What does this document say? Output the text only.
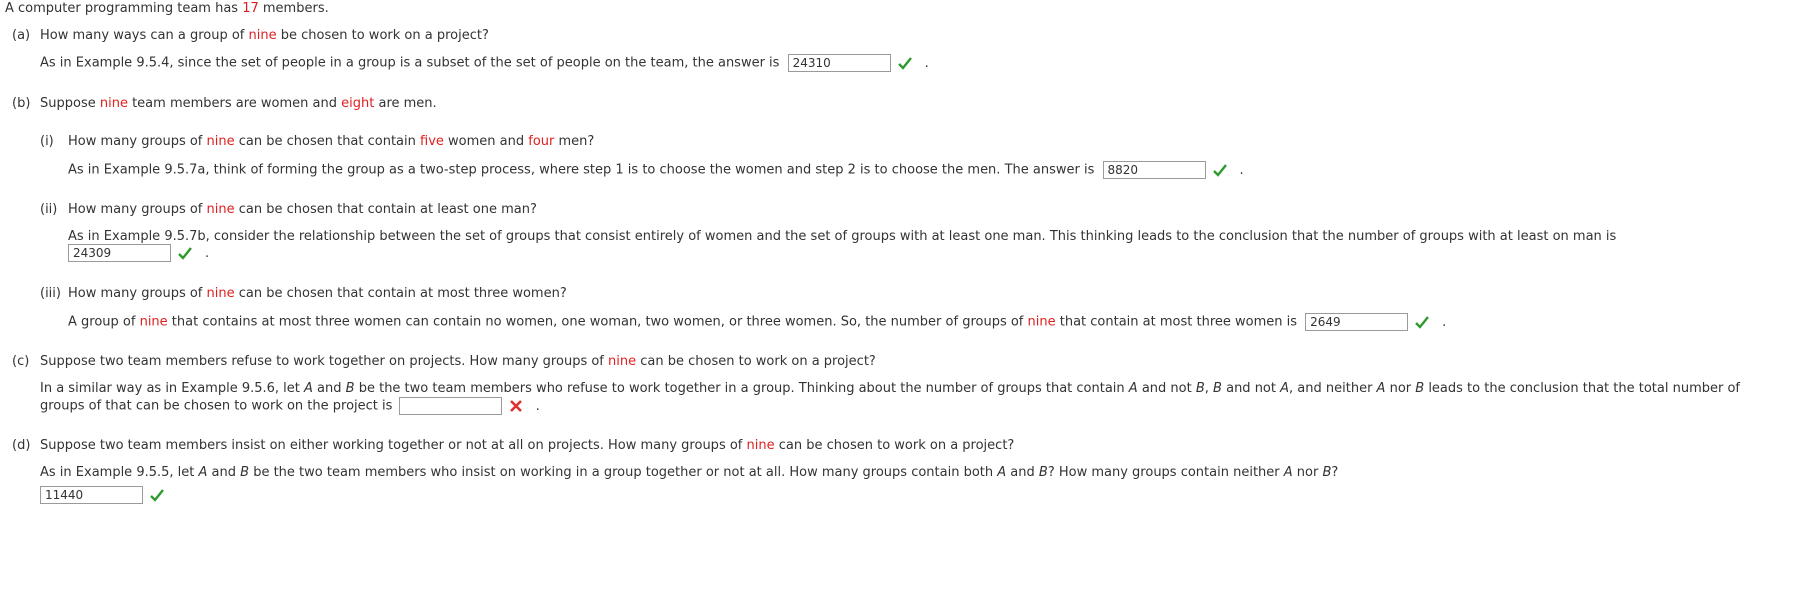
A computer programming team has 17 members.
(a) How many ways can a group of nine be chosen to work on a project?
As in Example 9.5.4, since the set of people in a group is a subset of the set of people on the team, the answer is 24310	.
(b) Suppose nine team members are women and eight are men.
(i) How many groups of nine can be chosen that contain five women and four men?
As in Example 9.5.7a, think of forming the group as a two-step process, where step 1 is to choose the women and step 2 is to choose the men. The answer is 8820	.
(ii) How many groups of nine can be chosen that contain at least one man?
As in Example 9.5.7b, consider the relationship between the set of groups that consist entirely of women and the set of groups with at least one man. This thinking leads to the conclusion that the number of groups with at least on man is
24309	.
(iii) How many groups of nine can be chosen that contain at most three women?
A group of nine that contains at most three women can contain no women, one woman, two women, or three women. So, the number of groups of nine that contain at most three women is 2649	.
(c) Suppose two team members refuse to work together on projects. How many groups of nine can be chosen to work on a project?
In a similar way as in Example 9.5.6, let A and B be the two team members who refuse to work together in a group. Thinking about the number of groups that contain A and not B, B and not A, and neither A nor B leads to the conclusion that the total number of
groups of that can be chosen to work on the project is	.
(d) Suppose two team members insist on either working together or not at all on projects. How many groups of nine can be chosen to work on a project?
As in Example 9.5.5, let A and B be the two team members who insist on working in a group together or not at all. How many groups contain both A and B? How many groups contain neither A nor B?
11440
